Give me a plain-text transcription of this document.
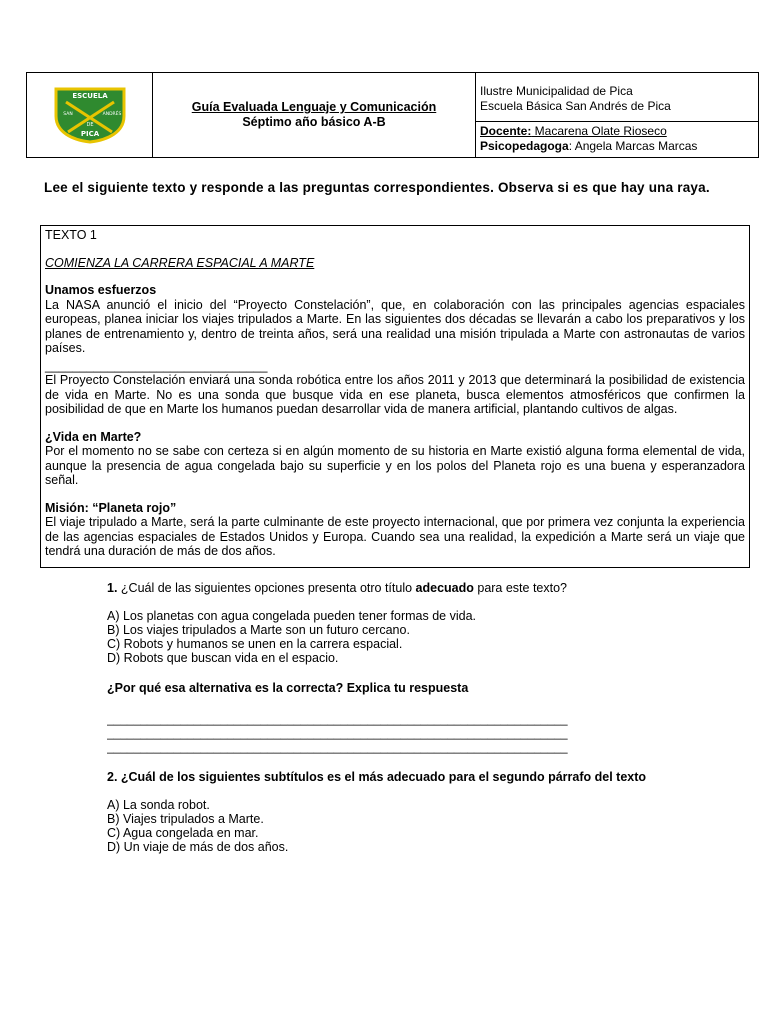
ESCUELA
SAN	ANDRÉS
DE
PICA
Guía Evaluada Lenguaje y Comunicación
Séptimo año básico A-B
Ilustre Municipalidad de Pica
Escuela Básica San Andrés de Pica
Docente: Macarena Olate Rioseco
Psicopedagoga: Angela Marcas Marcas
Lee el siguiente texto y responde a las preguntas correspondientes. Observa si es que hay una raya.

TEXTO 1

COMIENZA LA CARRERA ESPACIAL A MARTE

Unamos esfuerzos

La NASA anunció el inicio del “Proyecto Constelación”, que, en colaboración con las principales agencias espaciales europeas, planea iniciar los viajes tripulados a Marte. En las siguientes dos décadas se llevarán a cabo los preparativos y los planes de entrenamiento y, dentro de treinta años, será una realidad una misión tripulada a Marte con astronautas de varios países.

________________________________

El Proyecto Constelación enviará una sonda robótica entre los años 2011 y 2013 que determinará la posibilidad de existencia de vida en Marte. No es una sonda que busque vida en ese planeta, busca elementos atmosféricos que confirmen la posibilidad de que en Marte los humanos puedan desarrollar vida de manera artificial, plantando cultivos de algas.

¿Vida en Marte?

Por el momento no se sabe con certeza si en algún momento de su historia en Marte existió alguna forma elemental de vida, aunque la presencia de agua congelada bajo su superficie y en los polos del Planeta rojo es una buena y esperanzadora señal.

Misión: “Planeta rojo”

El viaje tripulado a Marte, será la parte culminante de este proyecto internacional, que por primera vez conjunta la experiencia de las agencias espaciales de Estados Unidos y Europa. Cuando sea una realidad, la expedición a Marte será un viaje que tendrá una duración de más de dos años.

1. ¿Cuál de las siguientes opciones presenta otro título adecuado para este texto?

A) Los planetas con agua congelada pueden tener formas de vida.
B) Los viajes tripulados a Marte son un futuro cercano.
C) Robots y humanos se unen en la carrera espacial.
D) Robots que buscan vida en el espacio.

¿Por qué esa alternativa es la correcta? Explica tu respuesta

_____________________________________________________________________
_____________________________________________________________________
_____________________________________________________________________

2. ¿Cuál de los siguientes subtítulos es el más adecuado para el segundo párrafo del texto

A) La sonda robot.
B) Viajes tripulados a Marte.
C) Agua congelada en mar.
D) Un viaje de más de dos años.
